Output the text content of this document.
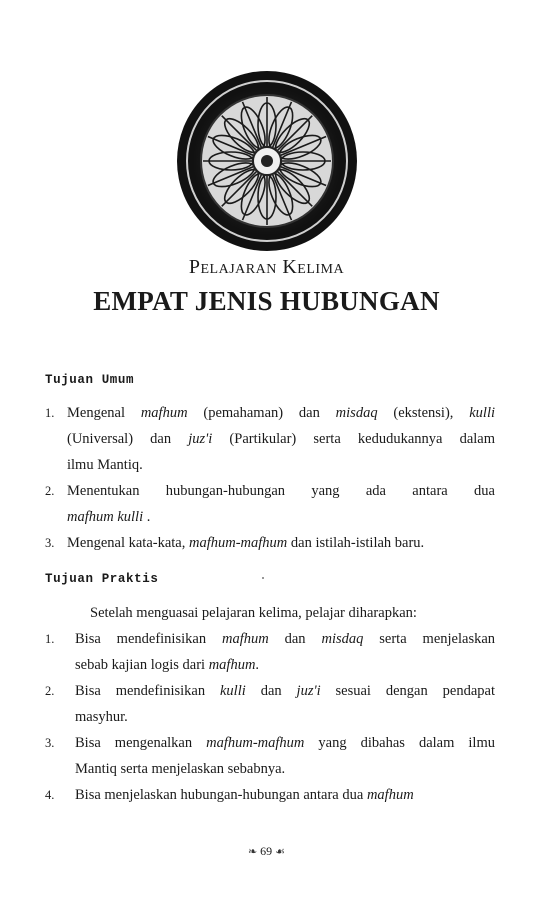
Pelajaran Kelima
EMPAT JENIS HUBUNGAN
Tujuan Umum
1. Mengenal mafhum (pemahaman) dan misdaq (ekstensi), kulli
(Universal) dan juz'i (Partikular) serta kedudukannya dalam
ilmu Mantiq.
2. Menentukan hubungan-hubungan yang ada antara dua
mafhum kulli .
3. Mengenal kata-kata, mafhum-mafhum dan istilah-istilah baru.
Tujuan Praktis
Setelah menguasai pelajaran kelima, pelajar diharapkan:
1. Bisa mendefinisikan mafhum dan misdaq serta menjelaskan
sebab kajian logis dari mafhum.
2. Bisa mendefinisikan kulli dan juz'i sesuai dengan pendapat
masyhur.
3. Bisa mengenalkan mafhum-mafhum yang dibahas dalam ilmu
Mantiq serta menjelaskan sebabnya.
4. Bisa menjelaskan hubungan-hubungan antara dua mafhum
❧ 69 ☙
